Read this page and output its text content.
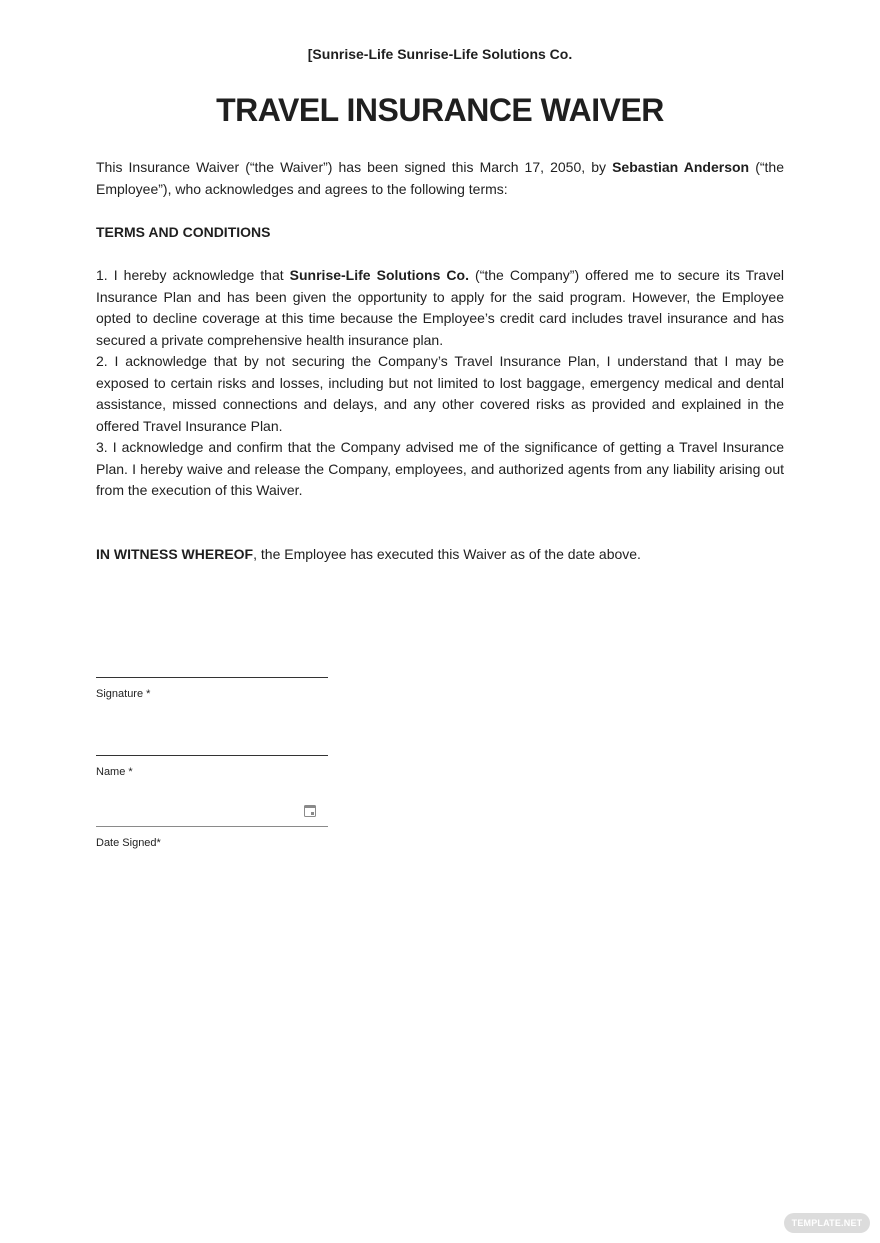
[Sunrise-Life Sunrise-Life Solutions Co.
TRAVEL INSURANCE WAIVER

This Insurance Waiver (“the Waiver”) has been signed this March 17, 2050, by Sebastian Anderson (“the Employee”), who acknowledges and agrees to the following terms:

TERMS AND CONDITIONS

1. I hereby acknowledge that Sunrise-Life Solutions Co. (“the Company”) offered me to secure its Travel Insurance Plan and has been given the opportunity to apply for the said program. However, the Employee opted to decline coverage at this time because the Employee’s credit card includes travel insurance and has secured a private comprehensive health insurance plan.

2. I acknowledge that by not securing the Company’s Travel Insurance Plan, I understand that I may be exposed to certain risks and losses, including but not limited to lost baggage, emergency medical and dental assistance, missed connections and delays, and any other covered risks as provided and explained in the offered Travel Insurance Plan.

3. I acknowledge and confirm that the Company advised me of the significance of getting a Travel Insurance Plan. I hereby waive and release the Company, employees, and authorized agents from any liability arising out from the execution of this Waiver.

IN WITNESS WHEREOF, the Employee has executed this Waiver as of the date above.

Signature *
Name *
Date Signed*
TEMPLATE.NET
